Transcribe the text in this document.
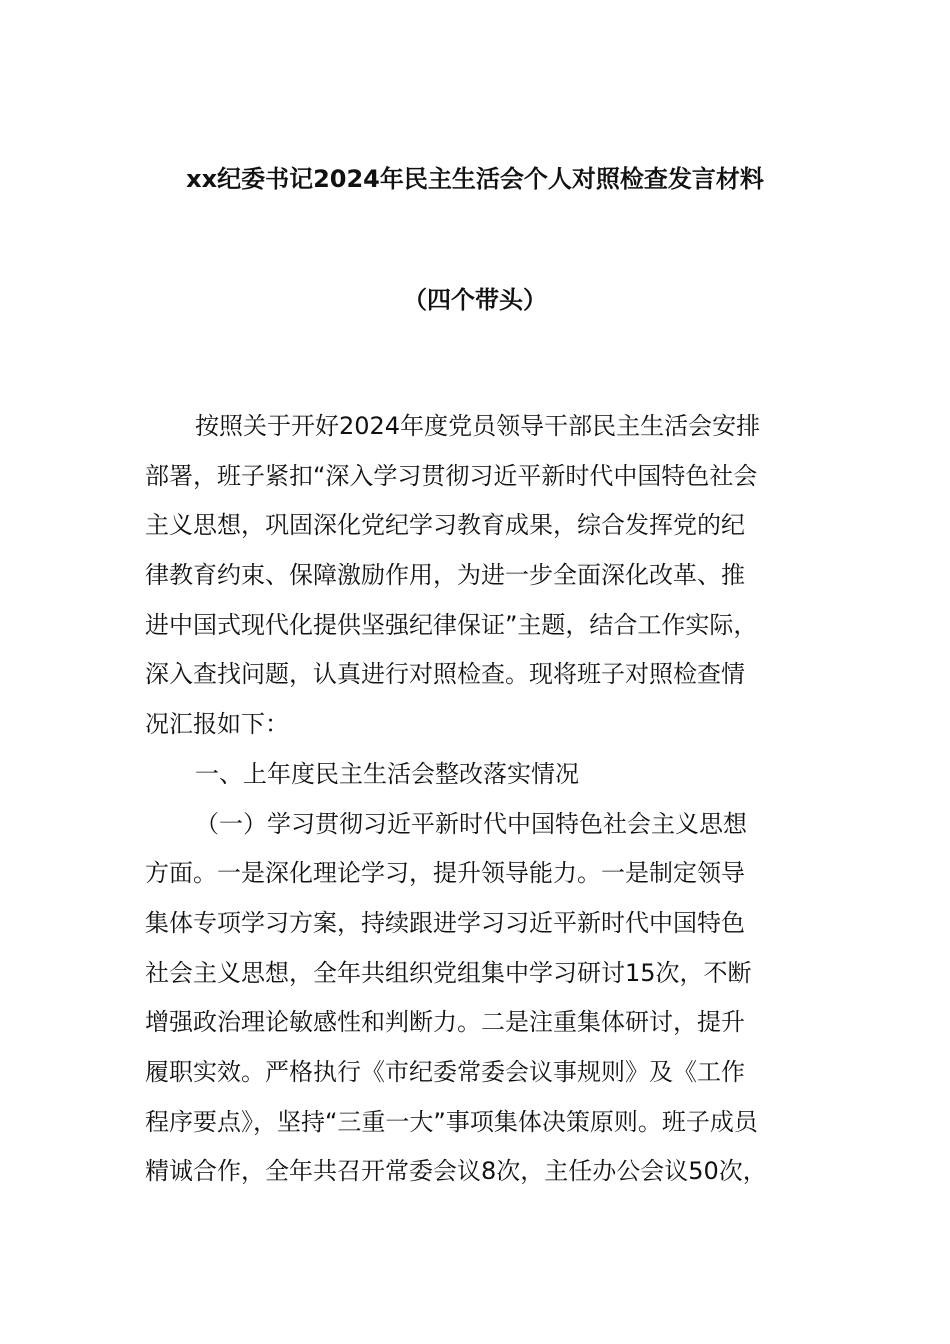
xx纪委书记2024年民主生活会个人对照检查发言材料
（四个带头）
按照关于开好2024年度党员领导干部民主生活会安排
部署，班子紧扣“深入学习贯彻习近平新时代中国特色社会
主义思想，巩固深化党纪学习教育成果，综合发挥党的纪
律教育约束、保障激励作用，为进一步全面深化改革、推
进中国式现代化提供坚强纪律保证”主题，结合工作实际，
深入查找问题，认真进行对照检查。现将班子对照检查情
况汇报如下：
一、上年度民主生活会整改落实情况
（一）学习贯彻习近平新时代中国特色社会主义思想
方面。一是深化理论学习，提升领导能力。一是制定领导
集体专项学习方案，持续跟进学习习近平新时代中国特色
社会主义思想，全年共组织党组集中学习研讨15次，不断
增强政治理论敏感性和判断力。二是注重集体研讨，提升
履职实效。严格执行《市纪委常委会议事规则》及《工作
程序要点》，坚持“三重一大”事项集体决策原则。班子成员
精诚合作，全年共召开常委会议8次，主任办公会议50次，
